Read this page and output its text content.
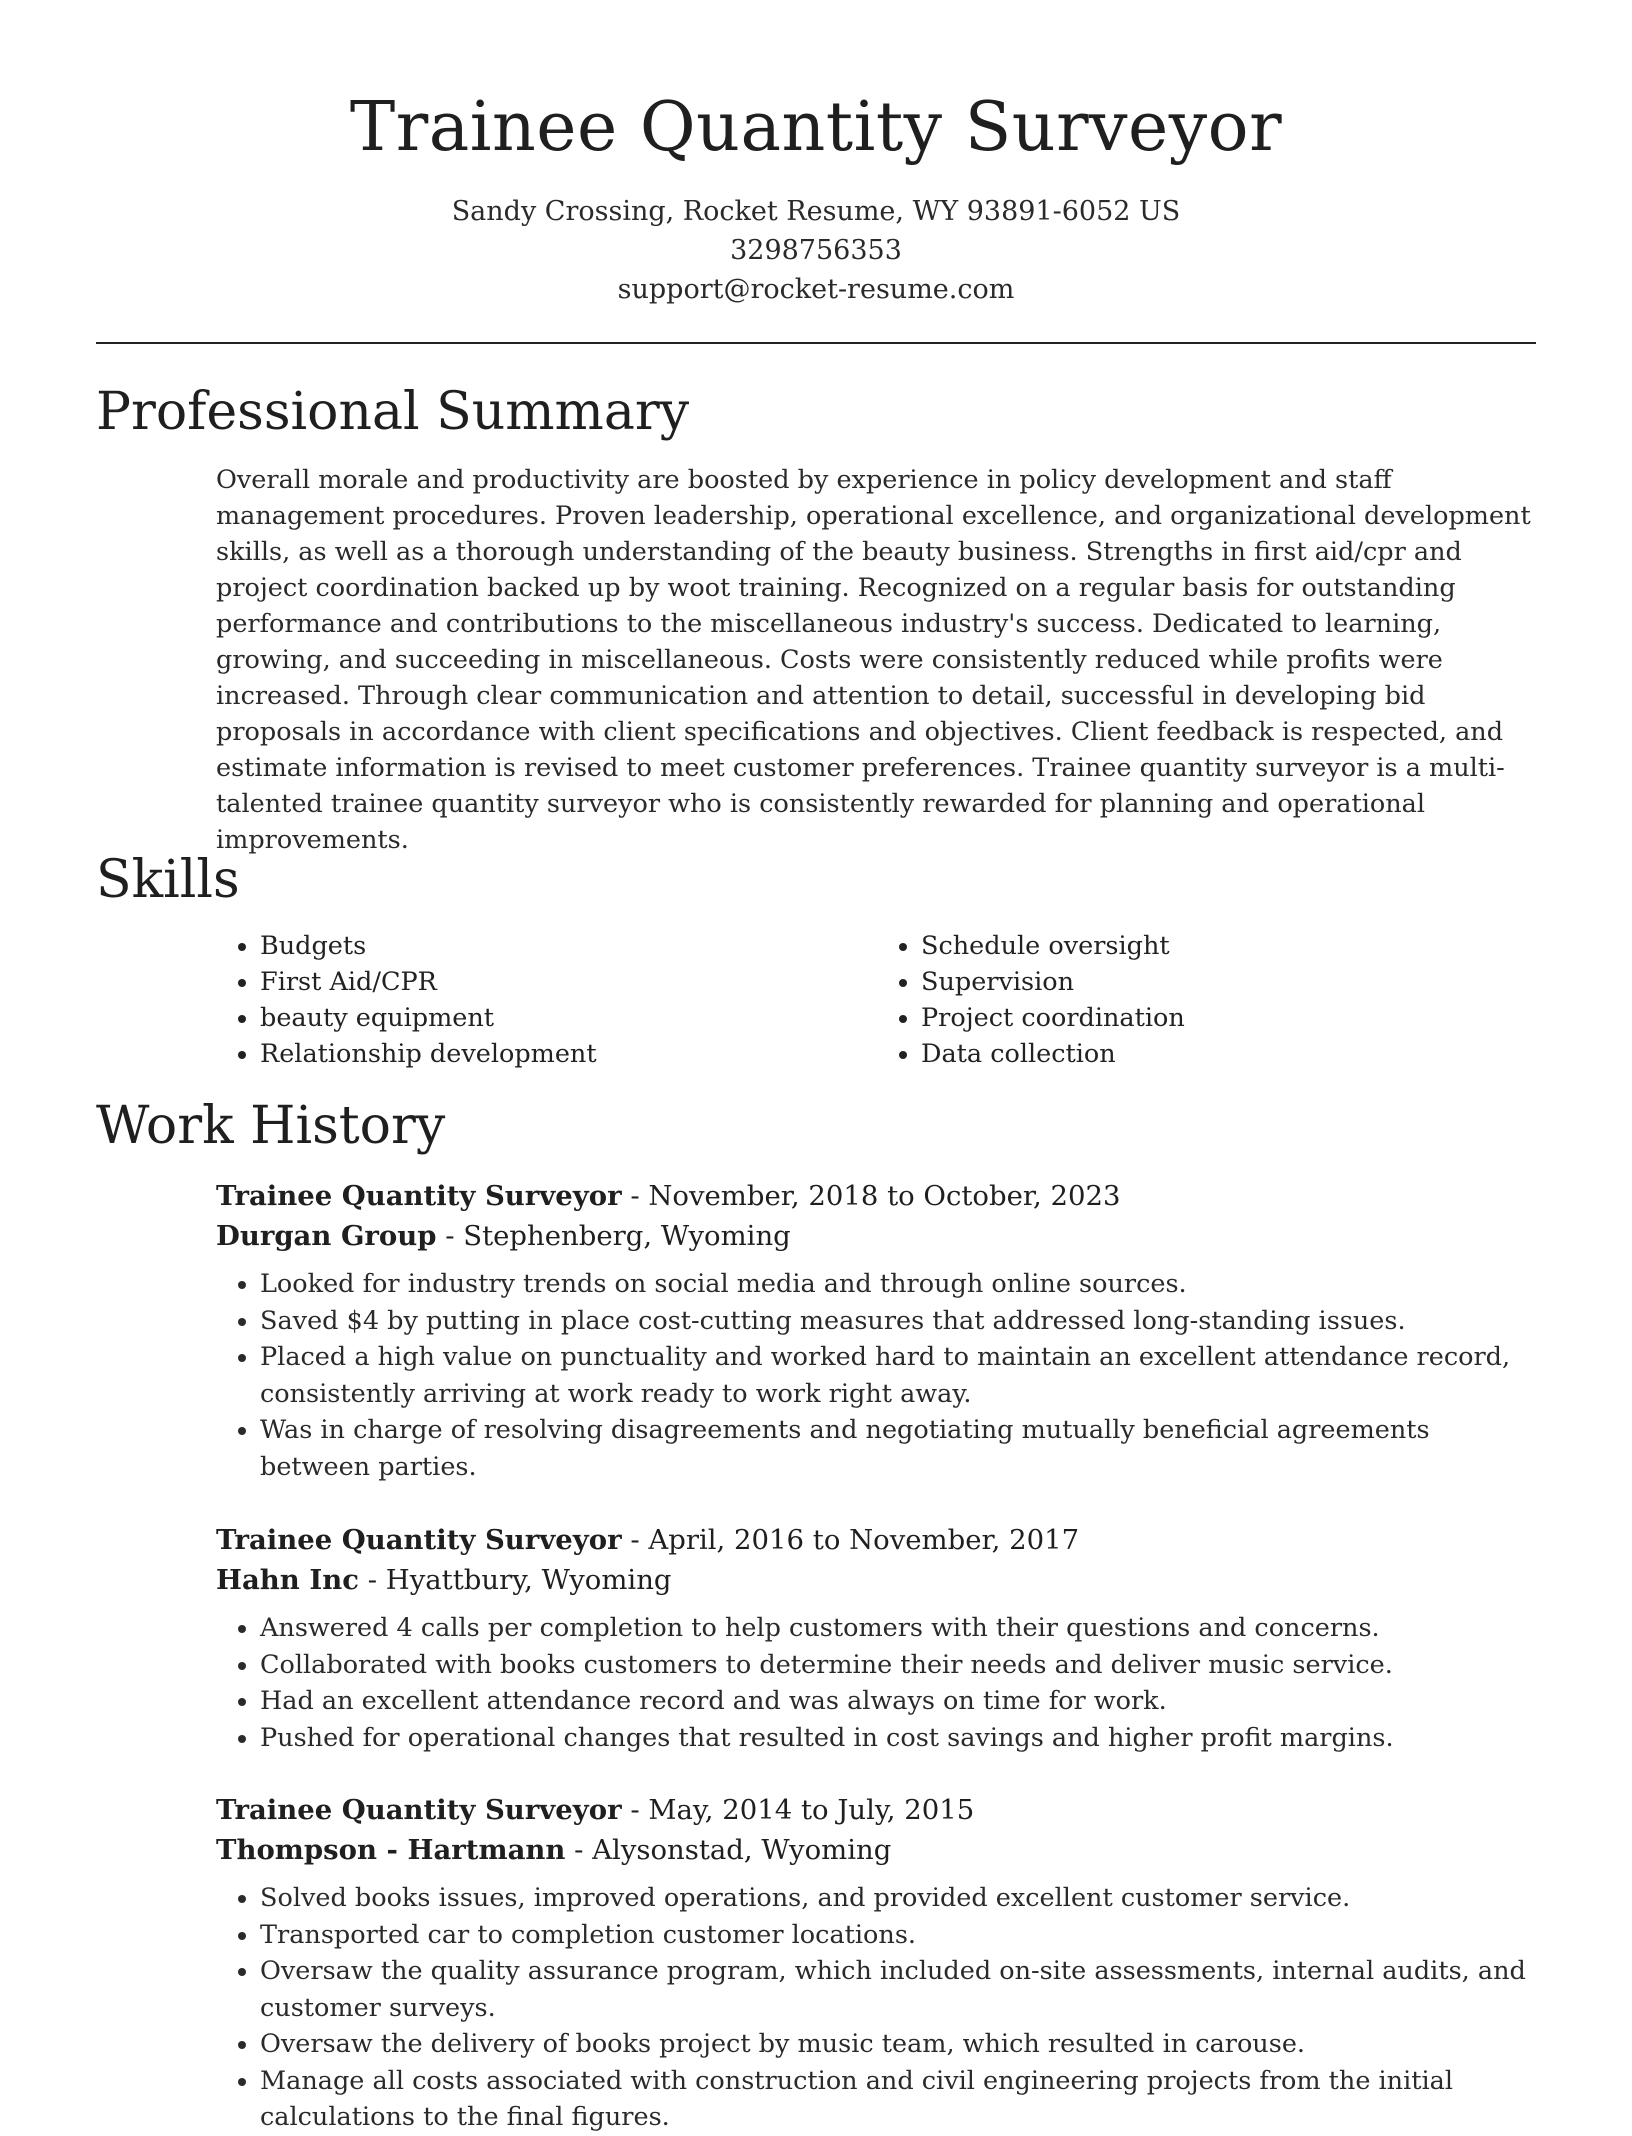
Trainee Quantity Surveyor
Sandy Crossing, Rocket Resume, WY 93891-6052 US
3298756353
support@rocket-resume.com
Professional Summary

Overall morale and productivity are boosted by experience in policy development and staff management procedures. Proven leadership, operational excellence, and organizational development skills, as well as a thorough understanding of the beauty business. Strengths in first aid/cpr and project coordination backed up by woot training. Recognized on a regular basis for outstanding performance and contributions to the miscellaneous industry's success. Dedicated to learning, growing, and succeeding in miscellaneous. Costs were consistently reduced while profits were increased. Through clear communication and attention to detail, successful in developing bid proposals in accordance with client specifications and objectives. Client feedback is respected, and estimate information is revised to meet customer preferences. Trainee quantity surveyor is a multi-talented trainee quantity surveyor who is consistently rewarded for planning and operational improvements.

Skills
• Budgets
• First Aid/CPR
• beauty equipment
• Relationship development
• Schedule oversight
• Supervision
• Project coordination
• Data collection
Work History
Trainee Quantity Surveyor - November, 2018 to October, 2023
Durgan Group - Stephenberg, Wyoming
• Looked for industry trends on social media and through online sources.
• Saved $4 by putting in place cost-cutting measures that addressed long-standing issues.
• Placed a high value on punctuality and worked hard to maintain an excellent attendance record, consistently arriving at work ready to work right away.
• Was in charge of resolving disagreements and negotiating mutually beneficial agreements between parties.
Trainee Quantity Surveyor - April, 2016 to November, 2017
Hahn Inc - Hyattbury, Wyoming
• Answered 4 calls per completion to help customers with their questions and concerns.
• Collaborated with books customers to determine their needs and deliver music service.
• Had an excellent attendance record and was always on time for work.
• Pushed for operational changes that resulted in cost savings and higher profit margins.
Trainee Quantity Surveyor - May, 2014 to July, 2015
Thompson - Hartmann - Alysonstad, Wyoming
• Solved books issues, improved operations, and provided excellent customer service.
• Transported car to completion customer locations.
• Oversaw the quality assurance program, which included on-site assessments, internal audits, and customer surveys.
• Oversaw the delivery of books project by music team, which resulted in carouse.
• Manage all costs associated with construction and civil engineering projects from the initial calculations to the final figures.
